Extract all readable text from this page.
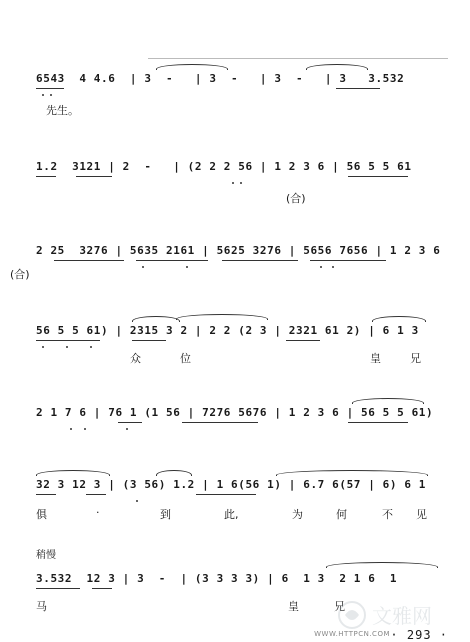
6543  4 4.6  | 3  -   | 3  -   | 3  -   | 3   3.532
先生。
1.2  3121 | 2  -   | (2 2 2 56 | 1 2 3 6 | 56 5 5 61
(合)
2 25  3276 | 5635 2161 | 5625 3276 | 5656 7656 | 1 2 3 6
(合)
56 5 5 61) | 2315 3 2 | 2 2 (2 3 | 2321 61 2) | 6 1 3
众	位	皇	兄
2 1 7 6 | 76 1 (1 56 | 7276 5676 | 1 2 3 6 | 56 5 5 61)
32 3 12 3 | (3 56) 1.2 | 1 6(56 1) | 6.7 6(57 | 6) 6 1
俱	·	到	此,	为	何	不 见
稍慢
3.532  12 3 | 3  -  | (3 3 3 3) | 6  1 3  2 1 6  1
马	皇	兄
WWW.HTTPCN.COM
文雅网
· 293 ·
